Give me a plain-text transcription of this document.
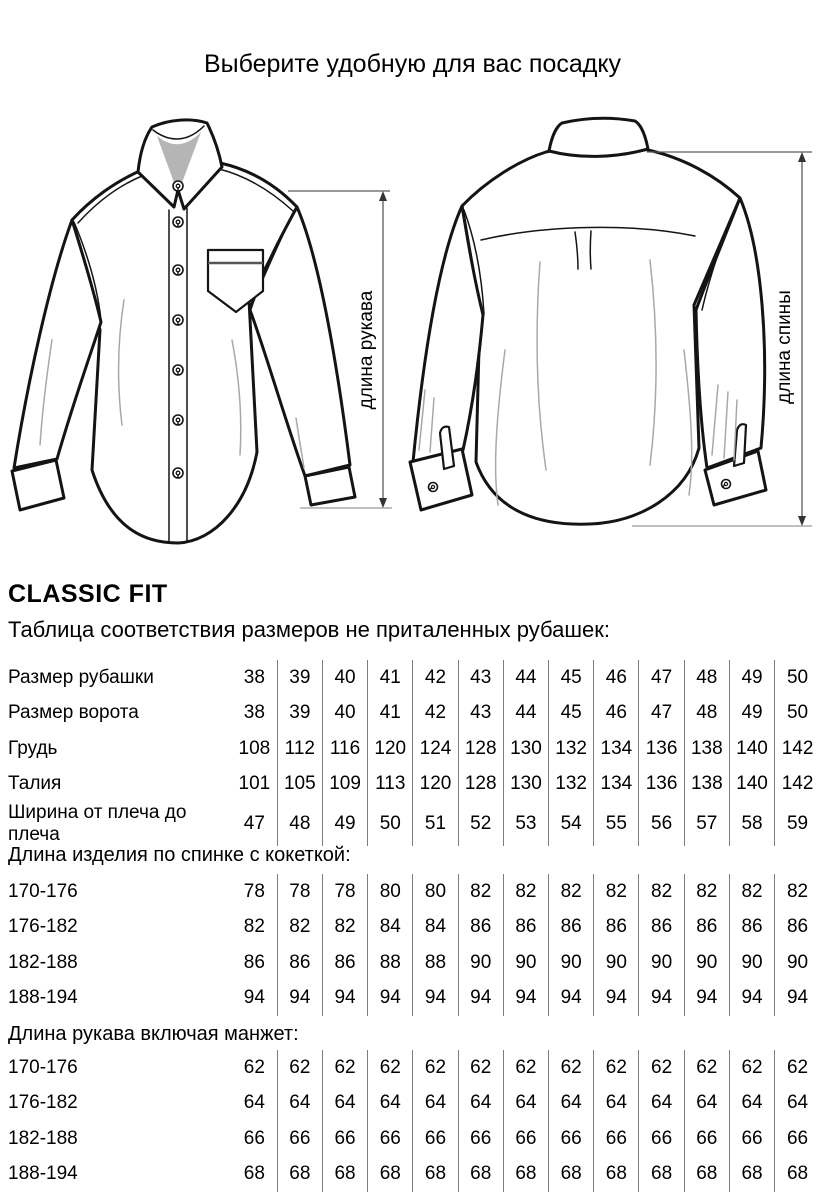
Выберите удобную для вас посадку
длина рукава	длина спины
CLASSIC FIT

Таблица соответствия размеров не приталенных рубашек:

Размер рубашки	38	39	40	41	42	43	44	45	46	47	48	49	50
Размер ворота	38	39	40	41	42	43	44	45	46	47	48	49	50
Грудь	108	112	116	120	124	128	130	132	134	136	138	140	142
Талия	101	105	109	113	120	128	130	132	134	136	138	140	142
Ширина от плеча до плеча	47	48	49	50	51	52	53	54	55	56	57	58	59
Длина изделия по спинке с кокеткой:
170-176	78	78	78	80	80	82	82	82	82	82	82	82	82
176-182	82	82	82	84	84	86	86	86	86	86	86	86	86
182-188	86	86	86	88	88	90	90	90	90	90	90	90	90
188-194	94	94	94	94	94	94	94	94	94	94	94	94	94
Длина рукава включая манжет:
170-176	62	62	62	62	62	62	62	62	62	62	62	62	62
176-182	64	64	64	64	64	64	64	64	64	64	64	64	64
182-188	66	66	66	66	66	66	66	66	66	66	66	66	66
188-194	68	68	68	68	68	68	68	68	68	68	68	68	68
